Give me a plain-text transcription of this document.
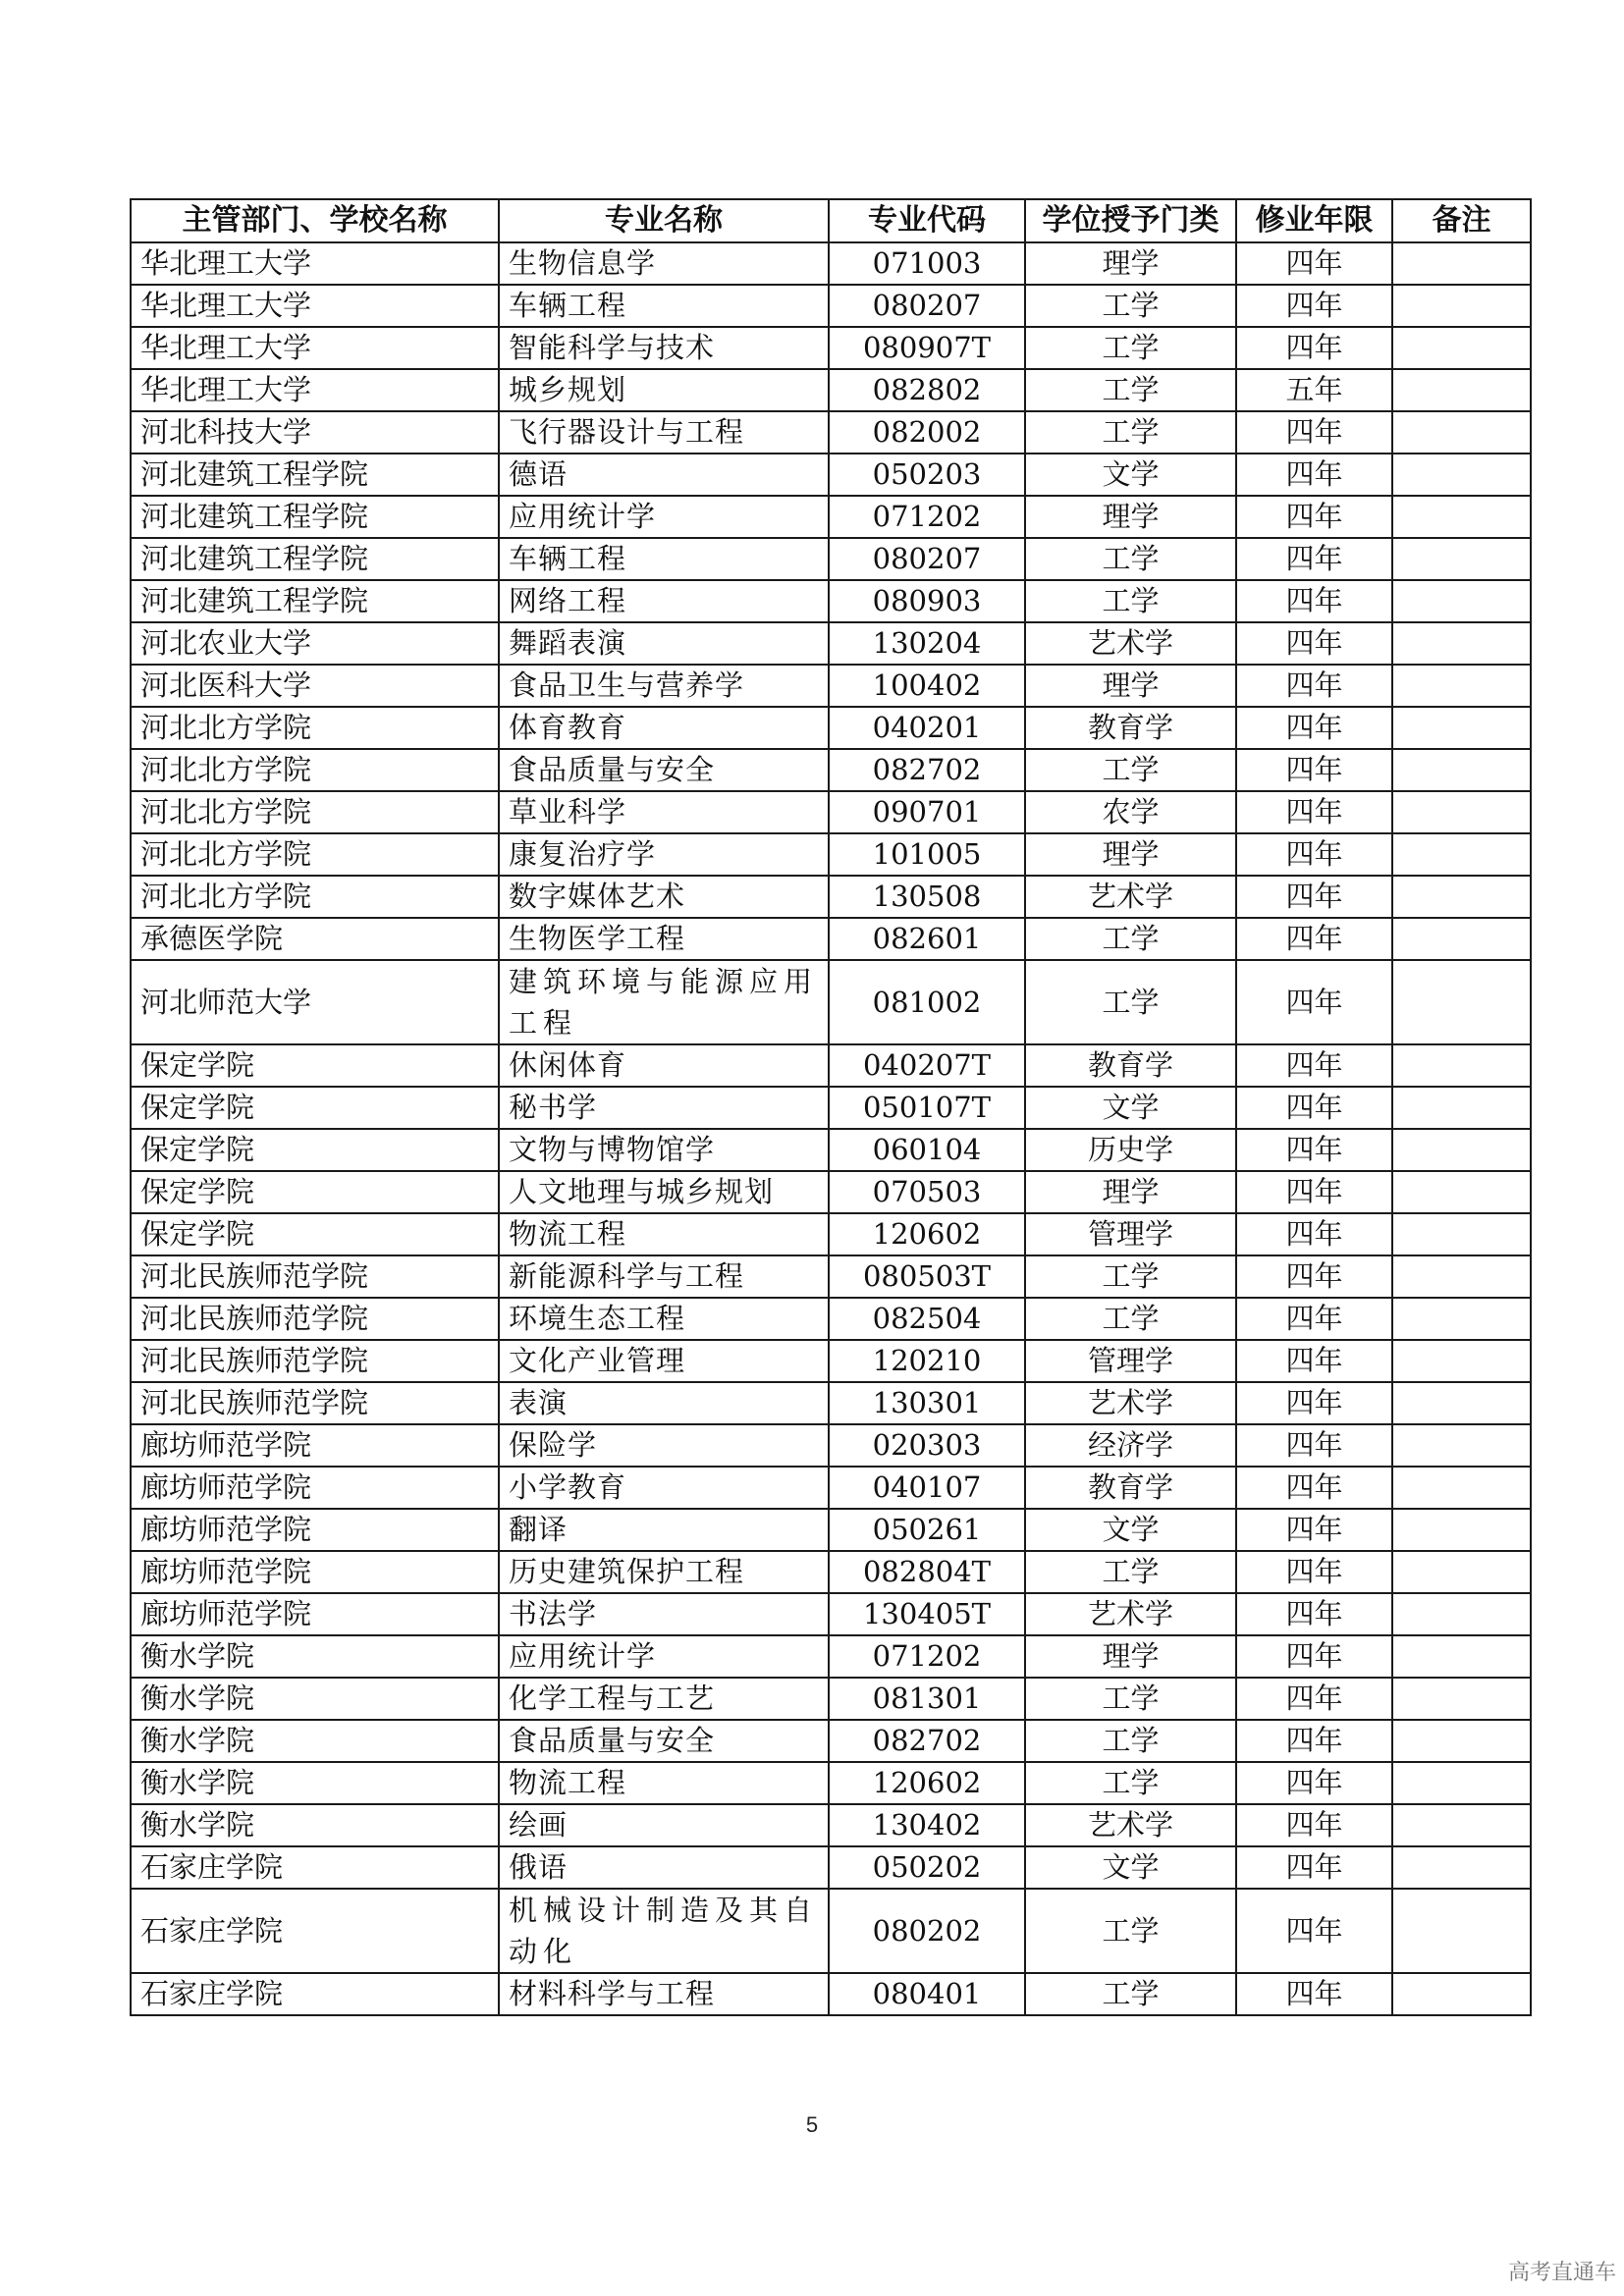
主管部门、学校名称	专业名称	专业代码	学位授予门类	修业年限	备注
华北理工大学	生物信息学	071003	理学	四年	
华北理工大学	车辆工程	080207	工学	四年	
华北理工大学	智能科学与技术	080907T	工学	四年	
华北理工大学	城乡规划	082802	工学	五年	
河北科技大学	飞行器设计与工程	082002	工学	四年	
河北建筑工程学院	德语	050203	文学	四年	
河北建筑工程学院	应用统计学	071202	理学	四年	
河北建筑工程学院	车辆工程	080207	工学	四年	
河北建筑工程学院	网络工程	080903	工学	四年	
河北农业大学	舞蹈表演	130204	艺术学	四年	
河北医科大学	食品卫生与营养学	100402	理学	四年	
河北北方学院	体育教育	040201	教育学	四年	
河北北方学院	食品质量与安全	082702	工学	四年	
河北北方学院	草业科学	090701	农学	四年	
河北北方学院	康复治疗学	101005	理学	四年	
河北北方学院	数字媒体艺术	130508	艺术学	四年	
承德医学院	生物医学工程	082601	工学	四年	
河北师范大学	建筑环境与能源应用工程	081002	工学	四年	
保定学院	休闲体育	040207T	教育学	四年	
保定学院	秘书学	050107T	文学	四年	
保定学院	文物与博物馆学	060104	历史学	四年	
保定学院	人文地理与城乡规划	070503	理学	四年	
保定学院	物流工程	120602	管理学	四年	
河北民族师范学院	新能源科学与工程	080503T	工学	四年	
河北民族师范学院	环境生态工程	082504	工学	四年	
河北民族师范学院	文化产业管理	120210	管理学	四年	
河北民族师范学院	表演	130301	艺术学	四年	
廊坊师范学院	保险学	020303	经济学	四年	
廊坊师范学院	小学教育	040107	教育学	四年	
廊坊师范学院	翻译	050261	文学	四年	
廊坊师范学院	历史建筑保护工程	082804T	工学	四年	
廊坊师范学院	书法学	130405T	艺术学	四年	
衡水学院	应用统计学	071202	理学	四年	
衡水学院	化学工程与工艺	081301	工学	四年	
衡水学院	食品质量与安全	082702	工学	四年	
衡水学院	物流工程	120602	工学	四年	
衡水学院	绘画	130402	艺术学	四年	
石家庄学院	俄语	050202	文学	四年	
石家庄学院	机械设计制造及其自动化	080202	工学	四年	
石家庄学院	材料科学与工程	080401	工学	四年	
5
高考直通车
